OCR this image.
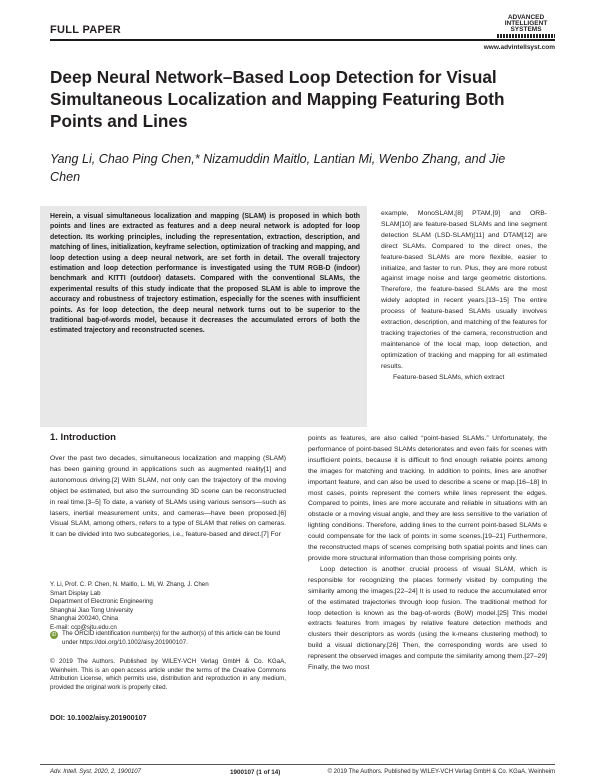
FULL PAPER
ADVANCED
INTELLIGENT
SYSTEMS
www.advintellsyst.com
Deep Neural Network–Based Loop Detection for Visual Simultaneous Localization and Mapping Featuring Both Points and Lines
Yang Li, Chao Ping Chen,* Nizamuddin Maitlo, Lantian Mi, Wenbo Zhang, and Jie Chen
Herein, a visual simultaneous localization and mapping (SLAM) is proposed in which both points and lines are extracted as features and a deep neural network is adopted for loop detection. Its working principles, including the representation, extraction, description, and matching of lines, initialization, keyframe selection, optimization of tracking and mapping, and loop detection using a deep neural network, are set forth in detail. The overall trajectory estimation and loop detection performance is investigated using the TUM RGB-D (indoor) benchmark and KITTI (outdoor) datasets. Compared with the conventional SLAMs, the experimental results of this study indicate that the proposed SLAM is able to improve the accuracy and robustness of trajectory estimation, especially for the scenes with insufficient points. As for loop detection, the deep neural network turns out to be superior to the traditional bag-of-words model, because it decreases the accumulated errors of both the estimated trajectory and reconstructed scenes.

example, MonoSLAM,[8] PTAM,[9] and ORB-SLAM[10] are feature-based SLAMs and line segment detection SLAM (LSD-SLAM)[11] and DTAM[12] are direct SLAMs. Compared to the direct ones, the feature-based SLAMs are more flexible, easier to initialize, and faster to run. Plus, they are more robust against image noise and large geometric distortions. Therefore, the feature-based SLAMs are the most widely adopted in recent years.[13–15] The entire process of feature-based SLAMs usually involves extraction, description, and matching of the features for tracking trajectories of the camera, reconstruction and maintenance of the local map, loop detection, and optimization of tracking and mapping for all estimated results.

Feature-based SLAMs, which extract

1. Introduction
Over the past two decades, simultaneous localization and mapping (SLAM) has been gaining ground in applications such as augmented reality[1] and autonomous driving.[2] With SLAM, not only can the trajectory of the moving object be estimated, but also the surrounding 3D scene can be reconstructed in real time.[3–5] To date, a variety of SLAMs using various sensors—such as lasers, inertial measurement units, and cameras—have been proposed.[6] Visual SLAM, among others, refers to a type of SLAM that relies on cameras. It can be divided into two subcategories, i.e., feature-based and direct.[7] For
Y. Li, Prof. C. P. Chen, N. Maitlo, L. Mi, W. Zhang, J. Chen
Smart Display Lab
Department of Electronic Engineering
Shanghai Jiao Tong University
Shanghai 200240, China
E-mail: ccp@sjtu.edu.cn
iD The ORCID identification number(s) for the author(s) of this article can be found under https://doi.org/10.1002/aisy.201900107.
© 2019 The Authors. Published by WILEY-VCH Verlag GmbH & Co. KGaA, Weinheim. This is an open access article under the terms of the Creative Commons Attribution License, which permits use, distribution and reproduction in any medium, provided the original work is properly cited.
DOI: 10.1002/aisy.201900107

points as features, are also called “point-based SLAMs.” Unfortunately, the performance of point-based SLAMs deteriorates and even fails for scenes with insufficient points, because it is difficult to find enough reliable points among the images for matching and tracking. In addition to points, lines are another important feature, and can also be used to describe a scene or map.[16–18] In most cases, points represent the corners while lines represent the edges. Compared to points, lines are more accurate and reliable in situations with an obstacle or a moving visual angle, and they are less sensitive to the variation of lighting conditions. Therefore, adding lines to the current point-based SLAMs e could compensate for the lack of points in some scenes.[19–21] Furthermore, the reconstructed maps of scenes comprising both spatial points and lines can provide more structural information than those comprising points only.

Loop detection is another crucial process of visual SLAM, which is responsible for recognizing the places formerly visited by computing the similarity among the images.[22–24] It is used to reduce the accumulated error of the estimated trajectories through loop fusion. The traditional method for loop detection is known as the bag-of-words (BoW) model.[25] This model extracts features from images by relative feature detection methods and clusters their descriptors as words (using the k-means clustering method) to build a visual dictionary.[26] Then, the corresponding words are used to represent the observed images and compute the similarity among them.[27–29] Finally, the two most

Adv. Intell. Syst. 2020, 2, 1900107	1900107 (1 of 14)	© 2019 The Authors. Published by WILEY-VCH Verlag GmbH & Co. KGaA, Weinheim
